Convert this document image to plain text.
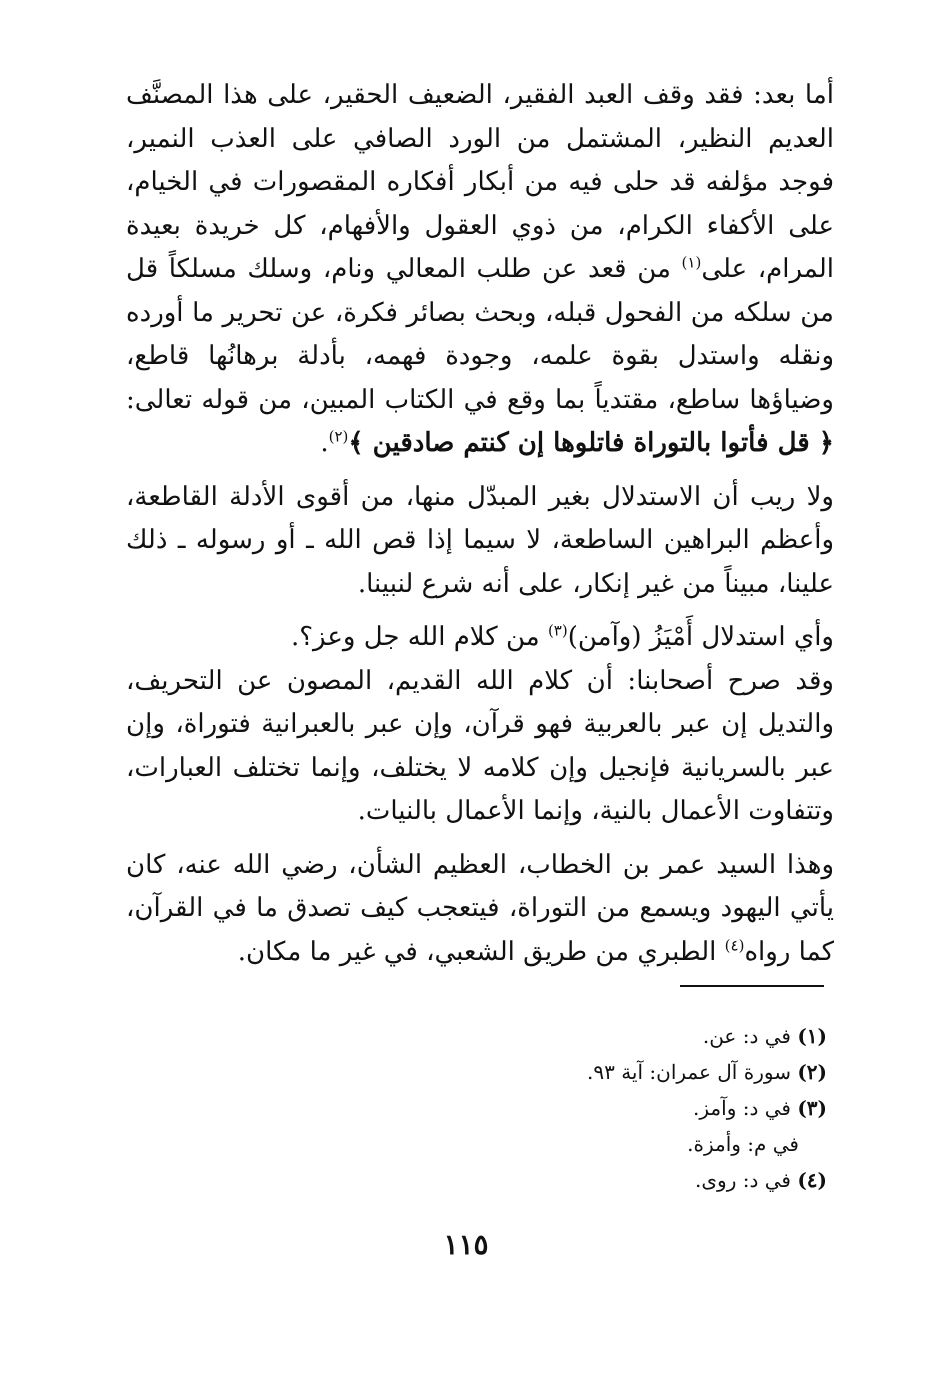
أما بعد: فقد وقف العبد الفقير، الضعيف الحقير، على هذا المصنَّف العديم النظير، المشتمل من الورد الصافي على العذب النمير، فوجد مؤلفه قد حلى فيه من أبكار أفكاره المقصورات في الخيام، على الأكفاء الكرام، من ذوي العقول والأفهام، كل خريدة بعيدة المرام، على$^{(١)}$ من قعد عن طلب المعالي ونام، وسلك مسلكاً قل من سلكه من الفحول قبله، وبحث بصائر فكرة، عن تحرير ما أورده ونقله واستدل بقوة علمه، وجودة فهمه، بأدلة برهانُها قاطع، وضياؤها ساطع، مقتدياً بما وقع في الكتاب المبين، من قوله تعالى: ﴿ قل فأتوا بالتوراة فاتلوها إن كنتم صادقين ﴾$^{(٢)}$.

ولا ريب أن الاستدلال بغير المبدّل منها، من أقوى الأدلة القاطعة، وأعظم البراهين الساطعة، لا سيما إذا قص الله ـ أو رسوله ـ ذلك علينا، مبيناً من غير إنكار، على أنه شرع لنبينا.

وأي استدلال أَمْيَزُ (وآمن)$^{(٣)}$ من كلام الله جل وعز؟.

وقد صرح أصحابنا: أن كلام الله القديم، المصون عن التحريف، والتديل إن عبر بالعربية فهو قرآن، وإن عبر بالعبرانية فتوراة، وإن عبر بالسريانية فإنجيل وإن كلامه لا يختلف، وإنما تختلف العبارات، وتتفاوت الأعمال بالنية، وإنما الأعمال بالنيات.

وهذا السيد عمر بن الخطاب، العظيم الشأن، رضي الله عنه، كان يأتي اليهود ويسمع من التوراة، فيتعجب كيف تصدق ما في القرآن، كما رواه$^{(٤)}$ الطبري من طريق الشعبي، في غير ما مكان.

(١) في د: عن.
(٢) سورة آل عمران: آية ٩٣.
(٣) في د: وآمز.
في م: وأمزة.
(٤) في د: روى.
١١٥
